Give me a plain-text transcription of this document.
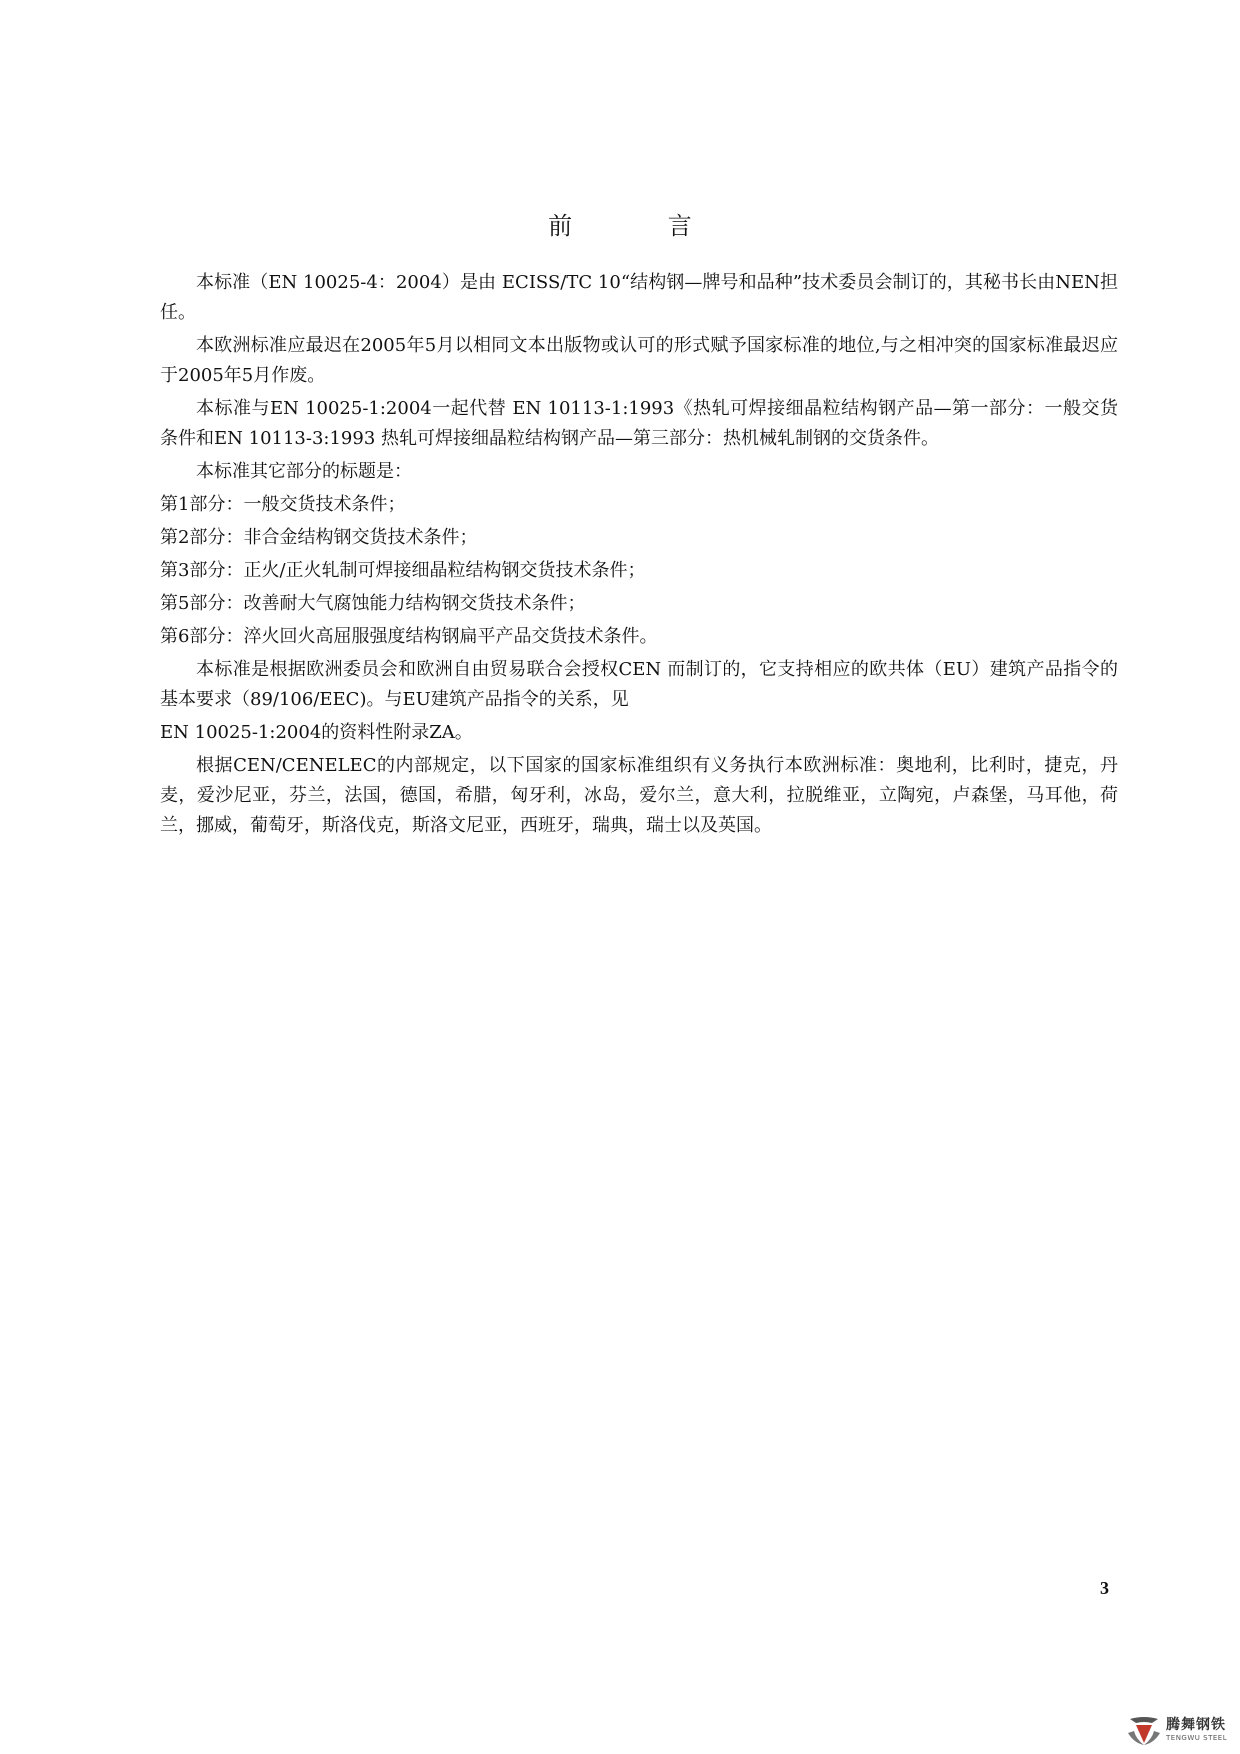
前 言

本标准（EN 10025-4：2004）是由 ECISS/TC 10“结构钢—牌号和品种”技术委员会制订的，其秘书长由NEN担任。

本欧洲标准应最迟在2005年5月以相同文本出版物或认可的形式赋予国家标准的地位,与之相冲突的国家标准最迟应于2005年5月作废。

本标准与EN 10025-1:2004一起代替 EN 10113-1:1993《热轧可焊接细晶粒结构钢产品—第一部分：一般交货条件和EN 10113-3:1993 热轧可焊接细晶粒结构钢产品—第三部分：热机械轧制钢的交货条件。

本标准其它部分的标题是：

第1部分：一般交货技术条件；

第2部分：非合金结构钢交货技术条件；

第3部分：正火/正火轧制可焊接细晶粒结构钢交货技术条件；

第5部分：改善耐大气腐蚀能力结构钢交货技术条件；

第6部分：淬火回火高屈服强度结构钢扁平产品交货技术条件。

本标准是根据欧洲委员会和欧洲自由贸易联合会授权CEN 而制订的，它支持相应的欧共体（EU）建筑产品指令的基本要求（89/106/EEC)。与EU建筑产品指令的关系，见

EN 10025-1:2004的资料性附录ZA。

根据CEN/CENELEC的内部规定，以下国家的国家标准组织有义务执行本欧洲标准：奥地利，比利时，捷克，丹麦，爱沙尼亚，芬兰，法国，德国，希腊，匈牙利，冰岛，爱尔兰，意大利，拉脱维亚，立陶宛，卢森堡，马耳他，荷兰，挪威，葡萄牙，斯洛伐克，斯洛文尼亚，西班牙，瑞典，瑞士以及英国。

3
腾舞钢铁
TENGWU STEEL
